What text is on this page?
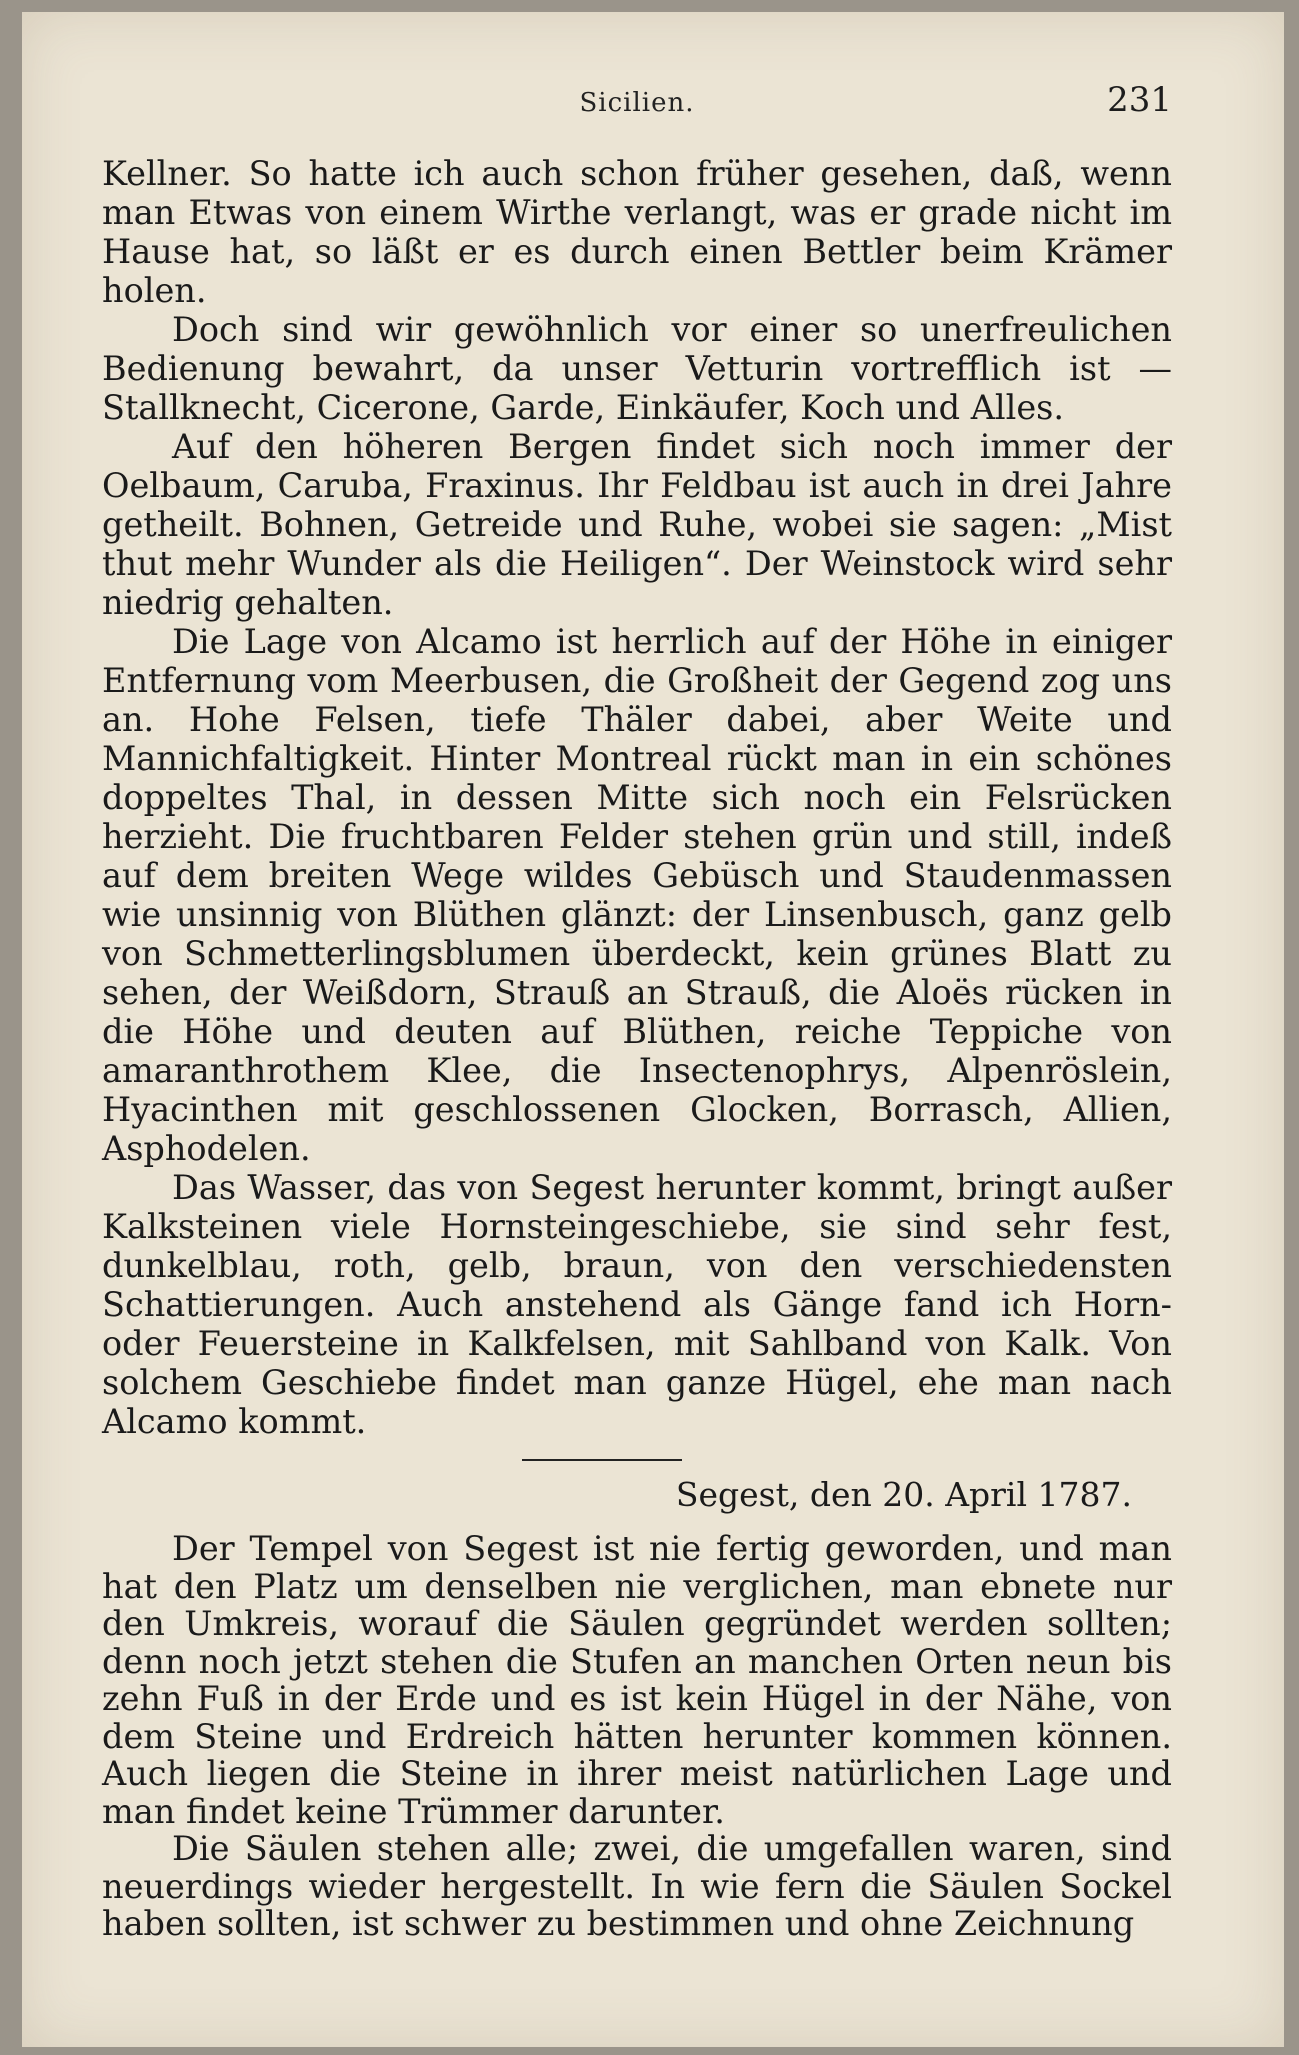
Sicilien.	231

Kellner. So hatte ich auch schon früher gesehen, daß, wenn man Etwas von einem Wirthe verlangt, was er grade nicht im Hause hat, so läßt er es durch einen Bettler beim Krämer holen.

Doch sind wir gewöhnlich vor einer so unerfreulichen Bedienung bewahrt, da unser Vetturin vortrefflich ist — Stallknecht, Cicerone, Garde, Einkäufer, Koch und Alles.

Auf den höheren Bergen findet sich noch immer der Oelbaum, Caruba, Fraxinus. Ihr Feldbau ist auch in drei Jahre getheilt. Bohnen, Getreide und Ruhe, wobei sie sagen: „Mist thut mehr Wunder als die Heiligen“. Der Weinstock wird sehr niedrig gehalten.

Die Lage von Alcamo ist herrlich auf der Höhe in einiger Entfernung vom Meerbusen, die Großheit der Gegend zog uns an. Hohe Felsen, tiefe Thäler dabei, aber Weite und Mannichfaltigkeit. Hinter Montreal rückt man in ein schönes doppeltes Thal, in dessen Mitte sich noch ein Felsrücken herzieht. Die fruchtbaren Felder stehen grün und still, indeß auf dem breiten Wege wildes Gebüsch und Staudenmassen wie unsinnig von Blüthen glänzt: der Linsenbusch, ganz gelb von Schmetterlingsblumen überdeckt, kein grünes Blatt zu sehen, der Weißdorn, Strauß an Strauß, die Aloës rücken in die Höhe und deuten auf Blüthen, reiche Teppiche von amaranthrothem Klee, die Insectenophrys, Alpenröslein, Hyacinthen mit geschlossenen Glocken, Borrasch, Allien, Asphodelen.

Das Wasser, das von Segest herunter kommt, bringt außer Kalksteinen viele Hornsteingeschiebe, sie sind sehr fest, dunkelblau, roth, gelb, braun, von den verschiedensten Schattierungen. Auch anstehend als Gänge fand ich Horn- oder Feuersteine in Kalkfelsen, mit Sahlband von Kalk. Von solchem Geschiebe findet man ganze Hügel, ehe man nach Alcamo kommt.

Segest, den 20. April 1787.

Der Tempel von Segest ist nie fertig geworden, und man hat den Platz um denselben nie verglichen, man ebnete nur den Umkreis, worauf die Säulen gegründet werden sollten; denn noch jetzt stehen die Stufen an manchen Orten neun bis zehn Fuß in der Erde und es ist kein Hügel in der Nähe, von dem Steine und Erdreich hätten herunter kommen können. Auch liegen die Steine in ihrer meist natürlichen Lage und man findet keine Trümmer darunter.

Die Säulen stehen alle; zwei, die umgefallen waren, sind neuerdings wieder hergestellt. In wie fern die Säulen Sockel haben sollten, ist schwer zu bestimmen und ohne Zeichnung
